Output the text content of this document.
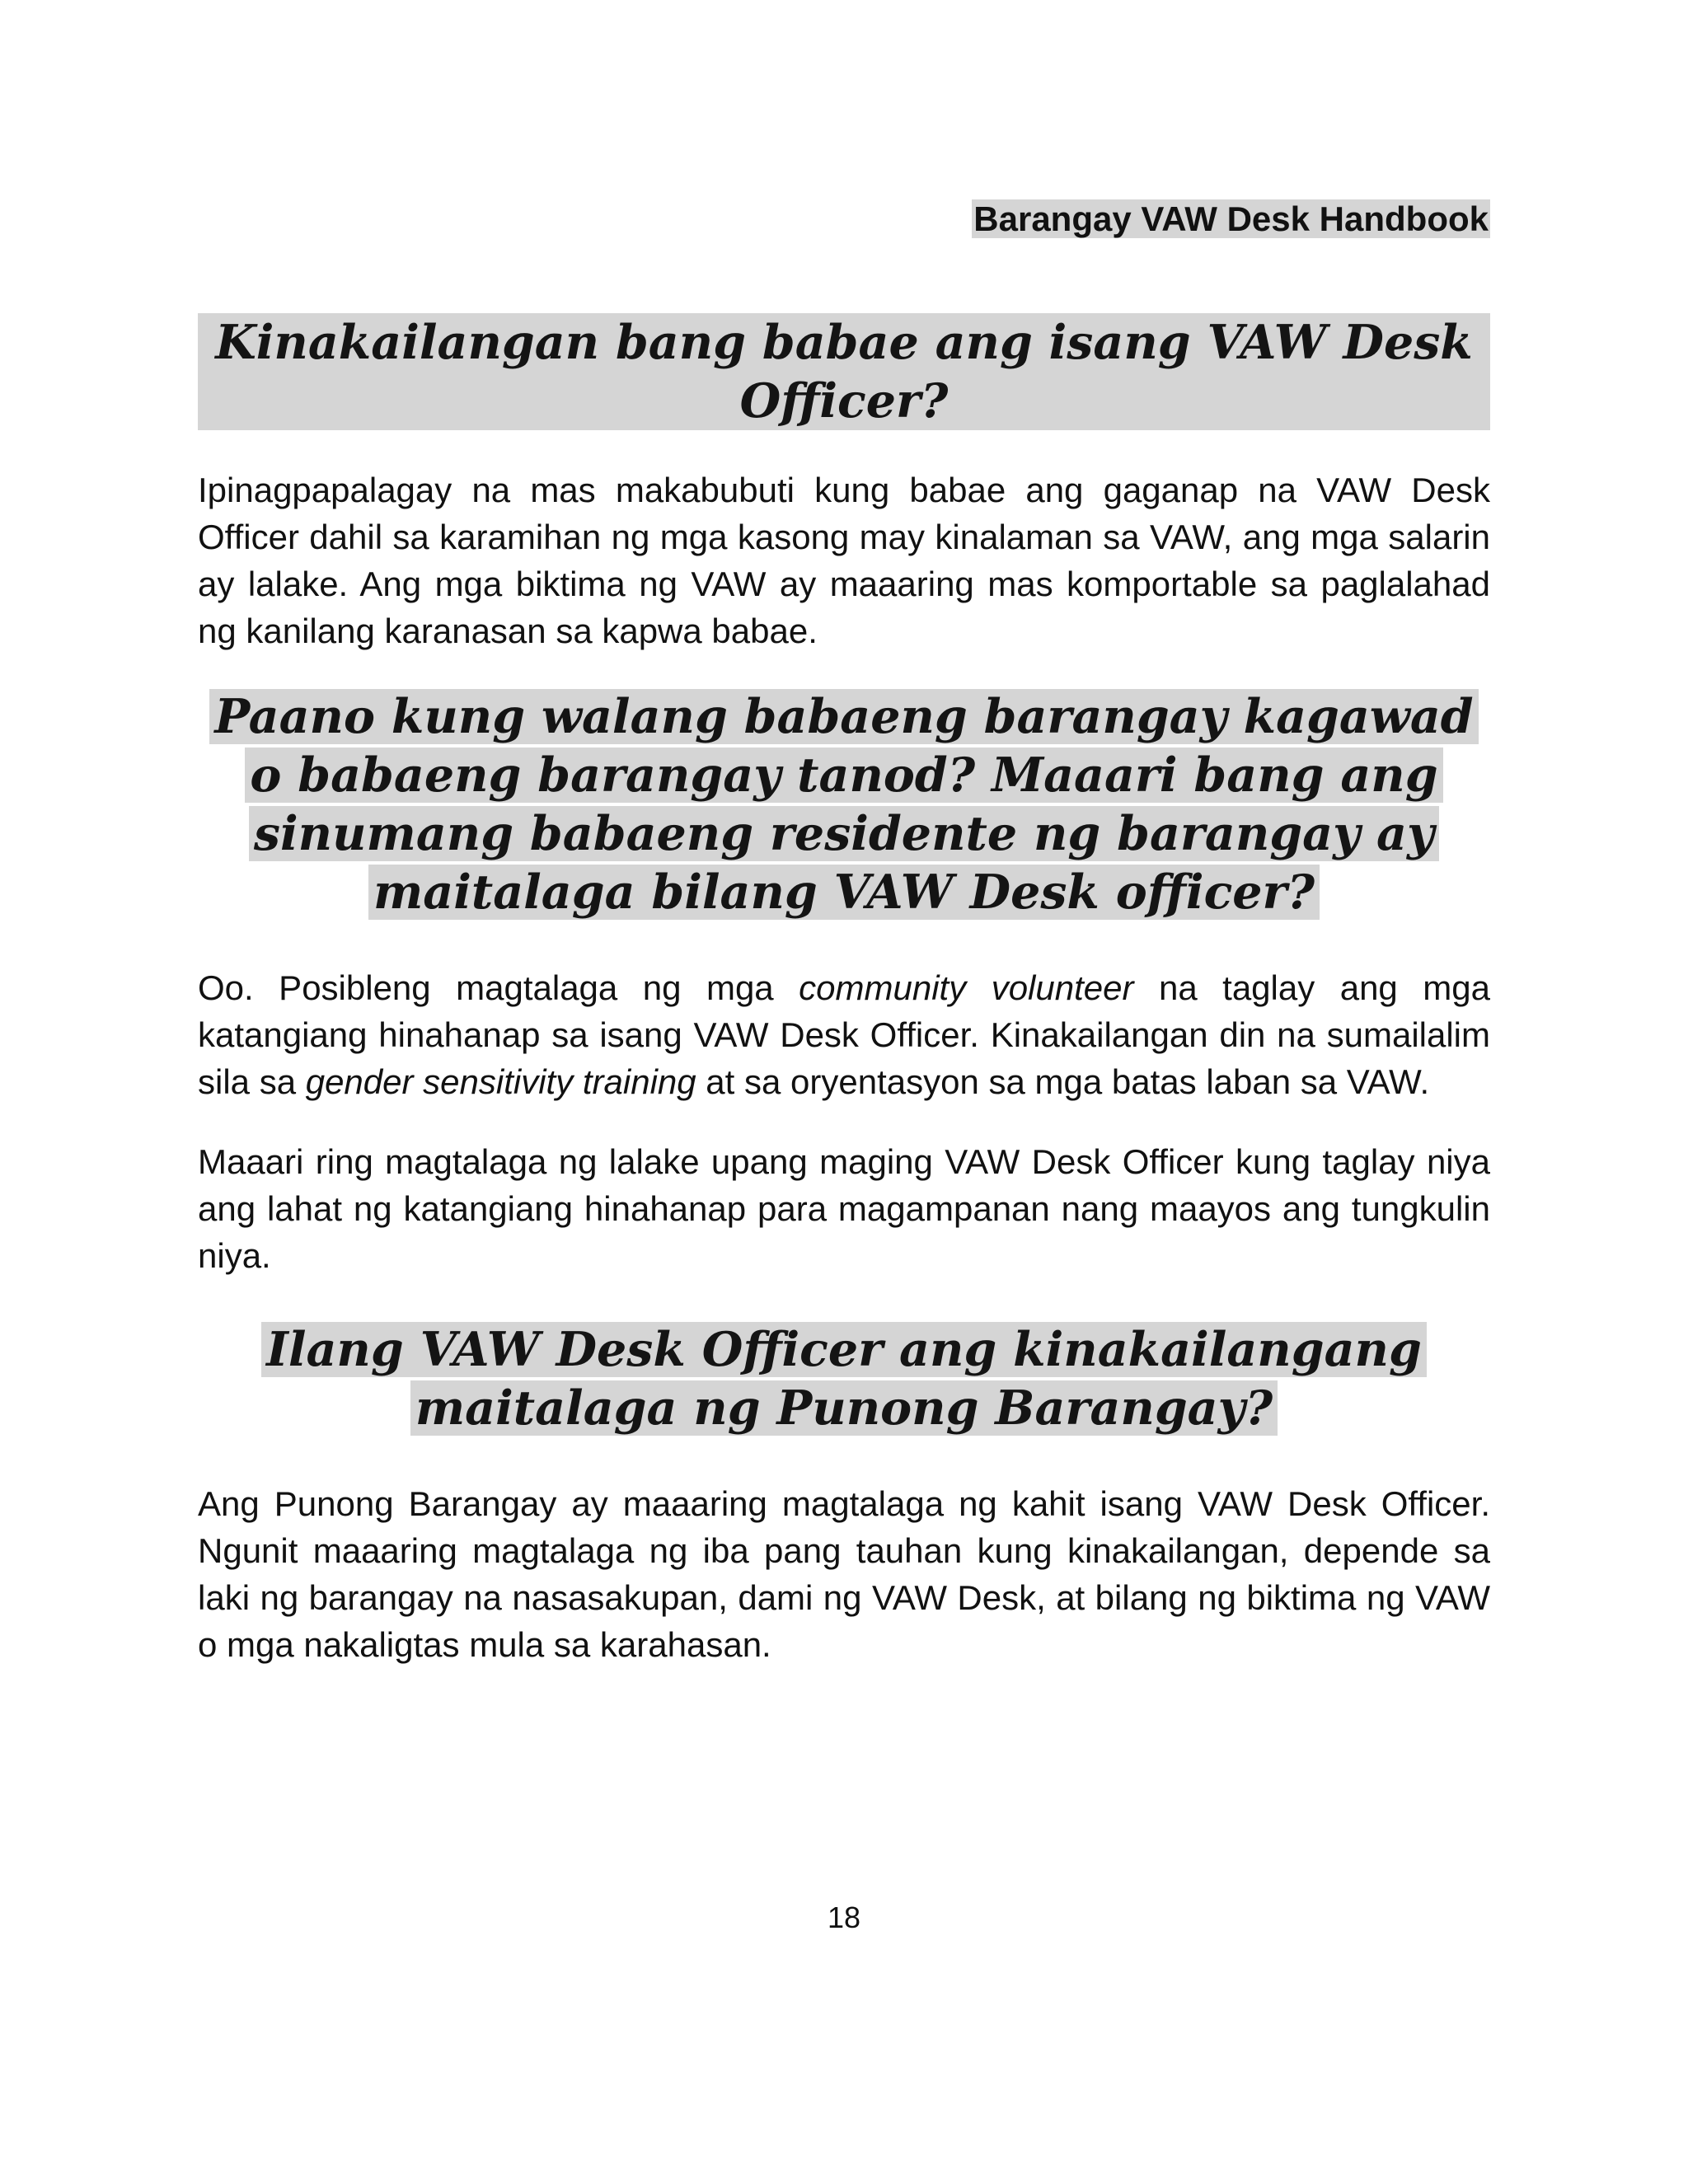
Barangay VAW Desk Handbook

Kinakailangan bang babae ang isang VAW Desk Officer?

Ipinagpapalagay na mas makabubuti kung babae ang gaganap na VAW Desk Officer dahil sa karamihan ng mga kasong may kinalaman sa VAW, ang mga salarin ay lalake. Ang mga biktima ng VAW ay maaaring mas komportable sa paglalahad ng kanilang karanasan sa kapwa babae.

Paano kung walang babaeng barangay kagawad o babaeng barangay tanod? Maaari bang ang sinumang babaeng residente ng barangay ay maitalaga bilang VAW Desk officer?

Oo. Posibleng magtalaga ng mga community volunteer na taglay ang mga katangiang hinahanap sa isang VAW Desk Officer. Kinakailangan din na sumailalim sila sa gender sensitivity training at sa oryentasyon sa mga batas laban sa VAW.

Maaari ring magtalaga ng lalake upang maging VAW Desk Officer kung taglay niya ang lahat ng katangiang hinahanap para magampanan nang maayos ang tungkulin niya.

Ilang VAW Desk Officer ang kinakailangang maitalaga ng Punong Barangay?

Ang Punong Barangay ay maaaring magtalaga ng kahit isang VAW Desk Officer. Ngunit maaaring magtalaga ng iba pang tauhan kung kinakailangan, depende sa laki ng barangay na nasasakupan, dami ng VAW Desk, at bilang ng biktima ng VAW o mga nakaligtas mula sa karahasan.

18
